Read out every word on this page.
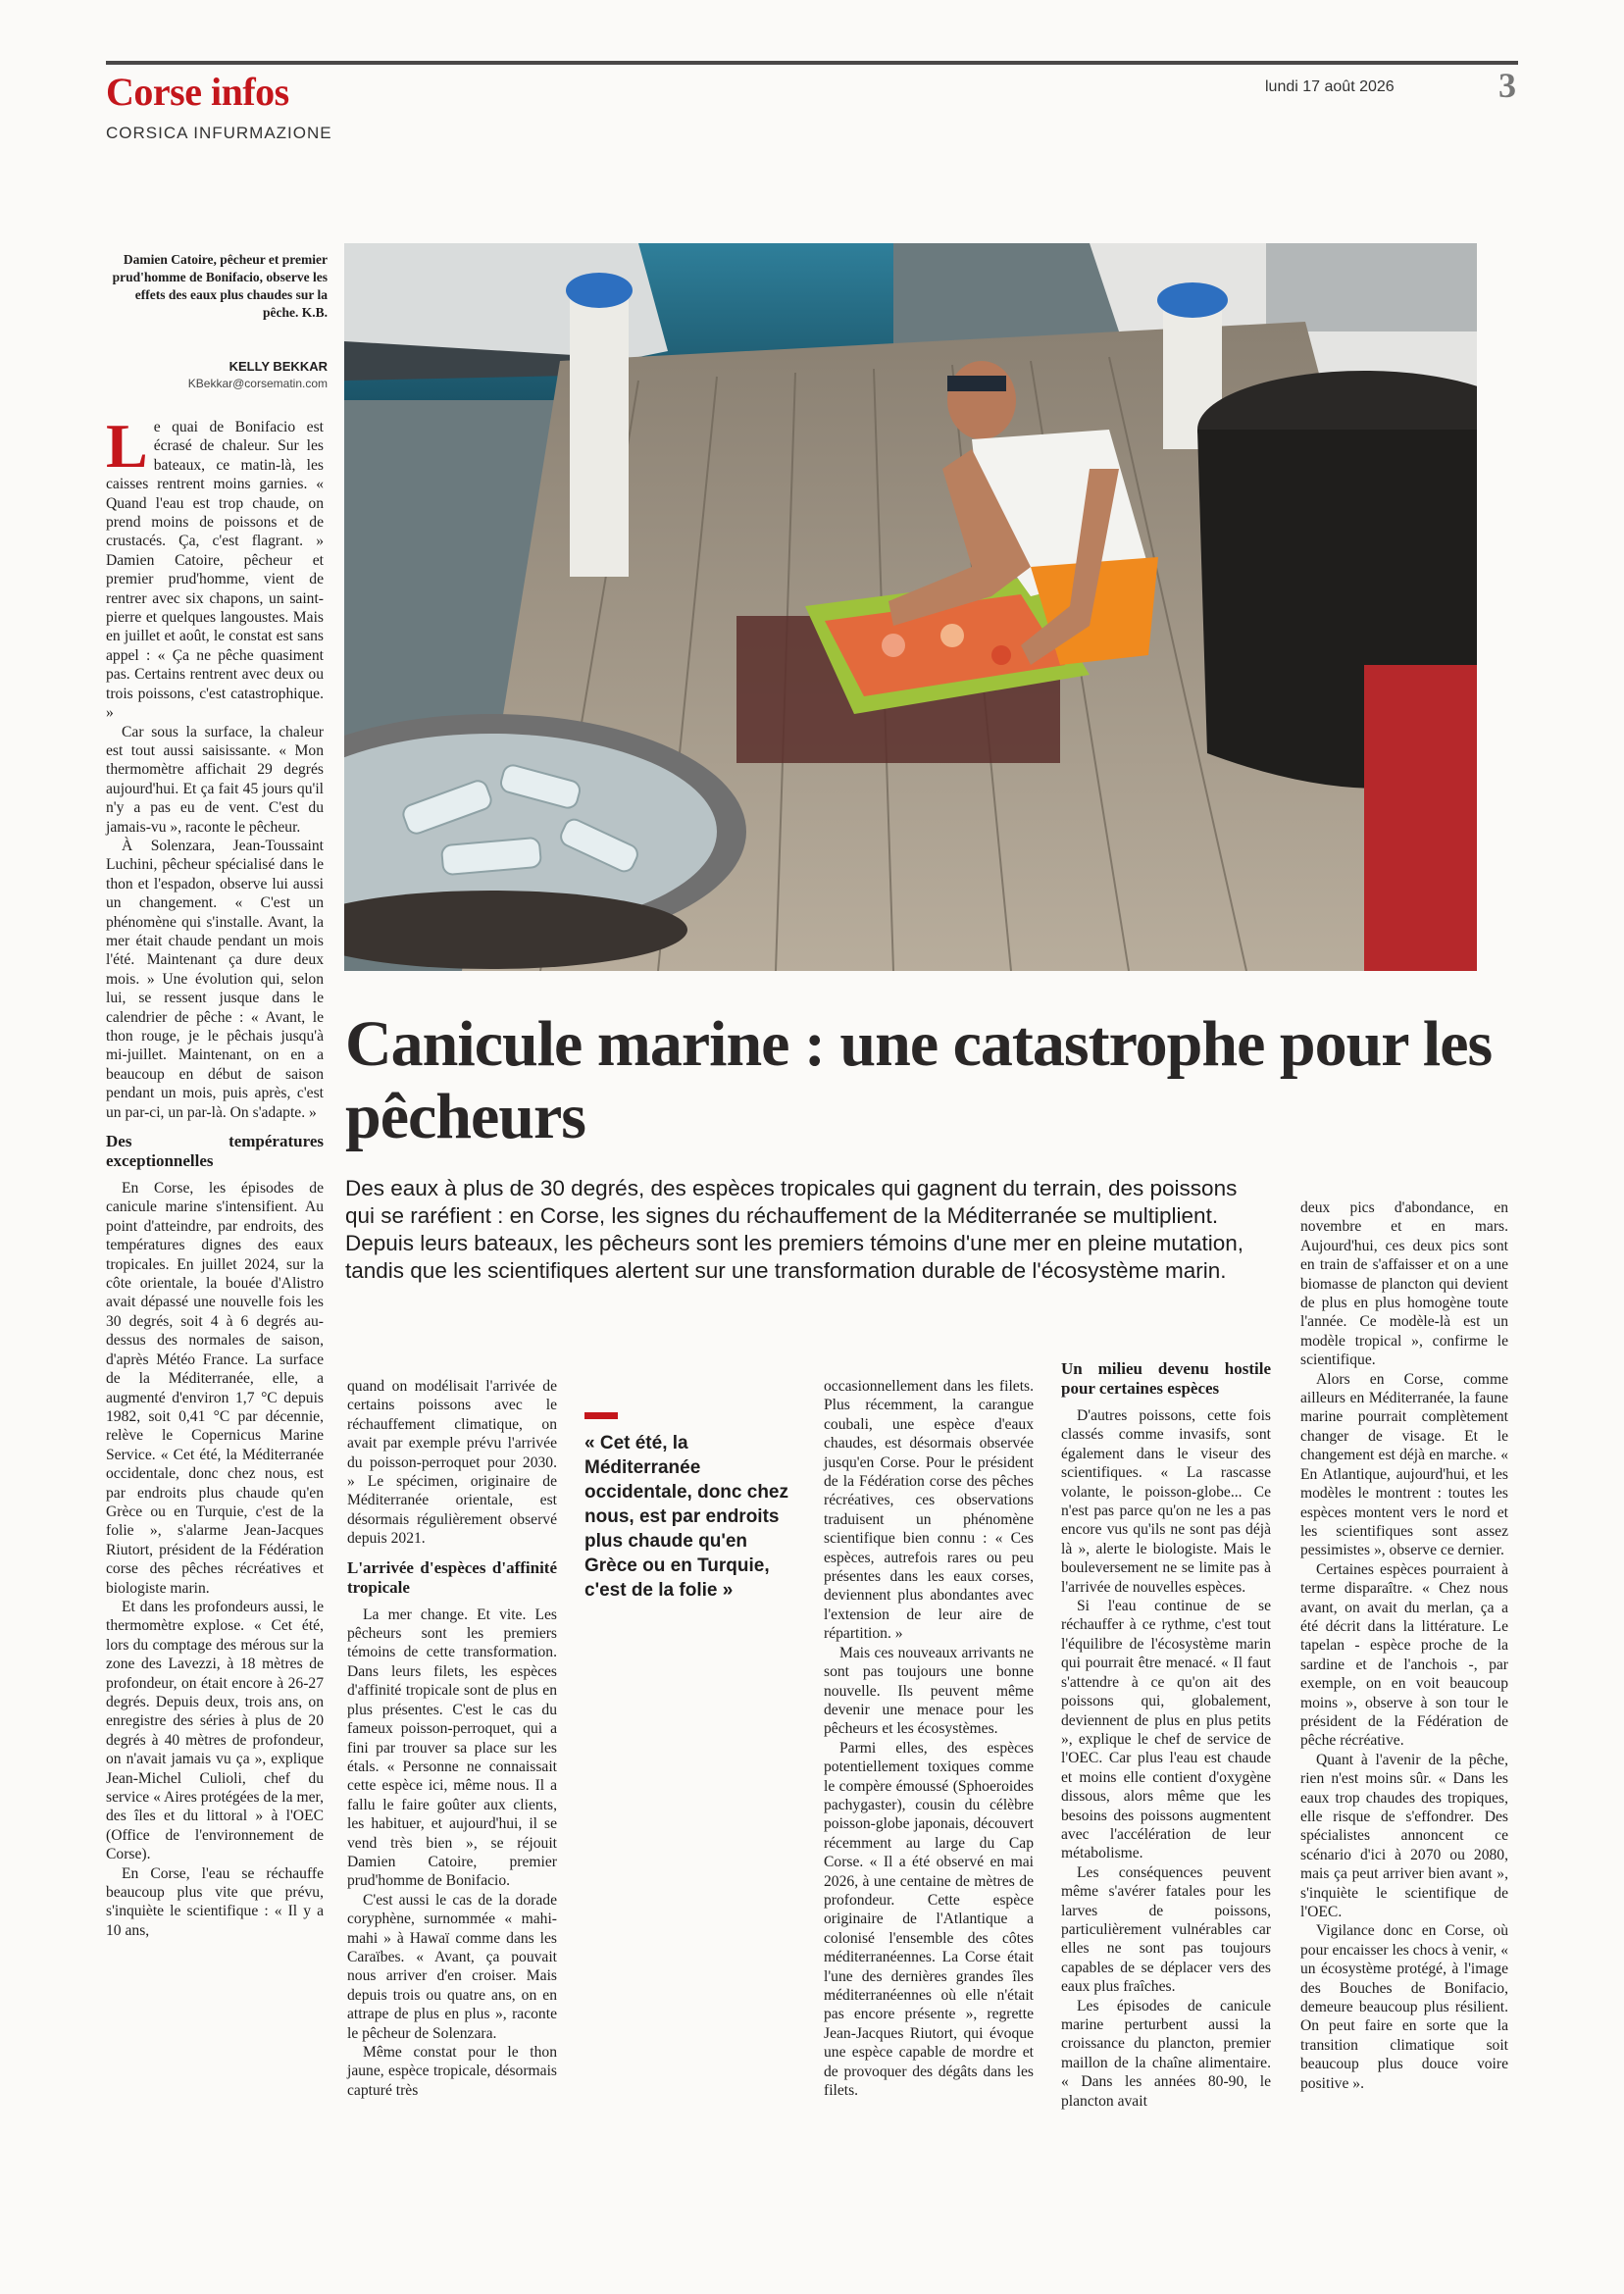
Corse infos
CORSICA INFURMAZIONE
lundi 17 août 2026	3
Damien Catoire, pêcheur et premier prud'homme de Bonifacio, observe les effets des eaux plus chaudes sur la pêche. K.B.
KELLY BEKKAR
KBekkar@corsematin.com
Canicule marine : une catastrophe pour les pêcheurs
Des eaux à plus de 30 degrés, des espèces tropicales qui gagnent du terrain, des poissons qui se raréfient : en Corse, les signes du réchauffement de la Méditerranée se multiplient. Depuis leurs bateaux, les pêcheurs sont les premiers témoins d'une mer en pleine mutation, tandis que les scientifiques alertent sur une transformation durable de l'écosystème marin.

Le quai de Bonifacio est écrasé de chaleur. Sur les bateaux, ce matin-là, les caisses rentrent moins garnies. « Quand l'eau est trop chaude, on prend moins de poissons et de crustacés. Ça, c'est flagrant. » Damien Catoire, pêcheur et premier prud'homme, vient de rentrer avec six chapons, un saint-pierre et quelques langoustes. Mais en juillet et août, le constat est sans appel : « Ça ne pêche quasiment pas. Certains rentrent avec deux ou trois poissons, c'est catastrophique. »

Car sous la surface, la chaleur est tout aussi saisissante. « Mon thermomètre affichait 29 degrés aujourd'hui. Et ça fait 45 jours qu'il n'y a pas eu de vent. C'est du jamais-vu », raconte le pêcheur.

À Solenzara, Jean-Toussaint Luchini, pêcheur spécialisé dans le thon et l'espadon, observe lui aussi un changement. « C'est un phénomène qui s'installe. Avant, la mer était chaude pendant un mois l'été. Maintenant ça dure deux mois. » Une évolution qui, selon lui, se ressent jusque dans le calendrier de pêche : « Avant, le thon rouge, je le pêchais jusqu'à mi-juillet. Maintenant, on en a beaucoup en début de saison pendant un mois, puis après, c'est un par-ci, un par-là. On s'adapte. »

Des températures exceptionnelles

En Corse, les épisodes de canicule marine s'intensifient. Au point d'atteindre, par endroits, des températures dignes des eaux tropicales. En juillet 2024, sur la côte orientale, la bouée d'Alistro avait dépassé une nouvelle fois les 30 degrés, soit 4 à 6 degrés au-dessus des normales de saison, d'après Météo France. La surface de la Méditerranée, elle, a augmenté d'environ 1,7 °C depuis 1982, soit 0,41 °C par décennie, relève le Copernicus Marine Service. « Cet été, la Méditerranée occidentale, donc chez nous, est par endroits plus chaude qu'en Grèce ou en Turquie, c'est de la folie », s'alarme Jean-Jacques Riutort, président de la Fédération corse des pêches récréatives et biologiste marin.

Et dans les profondeurs aussi, le thermomètre explose. « Cet été, lors du comptage des mérous sur la zone des Lavezzi, à 18 mètres de profondeur, on était encore à 26-27 degrés. Depuis deux, trois ans, on enregistre des séries à plus de 20 degrés à 40 mètres de profondeur, on n'avait jamais vu ça », explique Jean-Michel Culioli, chef du service « Aires protégées de la mer, des îles et du littoral » à l'OEC (Office de l'environnement de Corse).

En Corse, l'eau se réchauffe beaucoup plus vite que prévu, s'inquiète le scientifique : « Il y a 10 ans,

quand on modélisait l'arrivée de certains poissons avec le réchauffement climatique, on avait par exemple prévu l'arrivée du poisson-perroquet pour 2030. » Le spécimen, originaire de Méditerranée orientale, est désormais régulièrement observé depuis 2021.

L'arrivée d'espèces d'affinité tropicale

La mer change. Et vite. Les pêcheurs sont les premiers témoins de cette transformation. Dans leurs filets, les espèces d'affinité tropicale sont de plus en plus présentes. C'est le cas du fameux poisson-perroquet, qui a fini par trouver sa place sur les étals. « Personne ne connaissait cette espèce ici, même nous. Il a fallu le faire goûter aux clients, les habituer, et aujourd'hui, il se vend très bien », se réjouit Damien Catoire, premier prud'homme de Bonifacio.

C'est aussi le cas de la dorade coryphène, surnommée « mahi-mahi » à Hawaï comme dans les Caraïbes. « Avant, ça pouvait nous arriver d'en croiser. Mais depuis trois ou quatre ans, on en attrape de plus en plus », raconte le pêcheur de Solenzara.

Même constat pour le thon jaune, espèce tropicale, désormais capturé très

« Cet été, la Méditerranée occidentale, donc chez nous, est par endroits plus chaude qu'en Grèce ou en Turquie, c'est de la folie »

occasionnellement dans les filets. Plus récemment, la carangue coubali, une espèce d'eaux chaudes, est désormais observée jusqu'en Corse. Pour le président de la Fédération corse des pêches récréatives, ces observations traduisent un phénomène scientifique bien connu : « Ces espèces, autrefois rares ou peu présentes dans les eaux corses, deviennent plus abondantes avec l'extension de leur aire de répartition. »

Mais ces nouveaux arrivants ne sont pas toujours une bonne nouvelle. Ils peuvent même devenir une menace pour les pêcheurs et les écosystèmes.

Parmi elles, des espèces potentiellement toxiques comme le compère émoussé (Sphoeroides pachygaster), cousin du célèbre poisson-globe japonais, découvert récemment au large du Cap Corse. « Il a été observé en mai 2026, à une centaine de mètres de profondeur. Cette espèce originaire de l'Atlantique a colonisé l'ensemble des côtes méditerranéennes. La Corse était l'une des dernières grandes îles méditerranéennes où elle n'était pas encore présente », regrette Jean-Jacques Riutort, qui évoque une espèce capable de mordre et de provoquer des dégâts dans les filets.

Un milieu devenu hostile pour certaines espèces

D'autres poissons, cette fois classés comme invasifs, sont également dans le viseur des scientifiques. « La rascasse volante, le poisson-globe... Ce n'est pas parce qu'on ne les a pas encore vus qu'ils ne sont pas déjà là », alerte le biologiste. Mais le bouleversement ne se limite pas à l'arrivée de nouvelles espèces.

Si l'eau continue de se réchauffer à ce rythme, c'est tout l'équilibre de l'écosystème marin qui pourrait être menacé. « Il faut s'attendre à ce qu'on ait des poissons qui, globalement, deviennent de plus en plus petits », explique le chef de service de l'OEC. Car plus l'eau est chaude et moins elle contient d'oxygène dissous, alors même que les besoins des poissons augmentent avec l'accélération de leur métabolisme.

Les conséquences peuvent même s'avérer fatales pour les larves de poissons, particulièrement vulnérables car elles ne sont pas toujours capables de se déplacer vers des eaux plus fraîches.

Les épisodes de canicule marine perturbent aussi la croissance du plancton, premier maillon de la chaîne alimentaire. « Dans les années 80-90, le plancton avait

deux pics d'abondance, en novembre et en mars. Aujourd'hui, ces deux pics sont en train de s'affaisser et on a une biomasse de plancton qui devient de plus en plus homogène toute l'année. Ce modèle-là est un modèle tropical », confirme le scientifique.

Alors en Corse, comme ailleurs en Méditerranée, la faune marine pourrait complètement changer de visage. Et le changement est déjà en marche. « En Atlantique, aujourd'hui, et les modèles le montrent : toutes les espèces montent vers le nord et les scientifiques sont assez pessimistes », observe ce dernier.

Certaines espèces pourraient à terme disparaître. « Chez nous avant, on avait du merlan, ça a été décrit dans la littérature. Le tapelan - espèce proche de la sardine et de l'anchois -, par exemple, on en voit beaucoup moins », observe à son tour le président de la Fédération de pêche récréative.

Quant à l'avenir de la pêche, rien n'est moins sûr. « Dans les eaux trop chaudes des tropiques, elle risque de s'effondrer. Des spécialistes annoncent ce scénario d'ici à 2070 ou 2080, mais ça peut arriver bien avant », s'inquiète le scientifique de l'OEC.

Vigilance donc en Corse, où pour encaisser les chocs à venir, « un écosystème protégé, à l'image des Bouches de Bonifacio, demeure beaucoup plus résilient. On peut faire en sorte que la transition climatique soit beaucoup plus douce voire positive ».
